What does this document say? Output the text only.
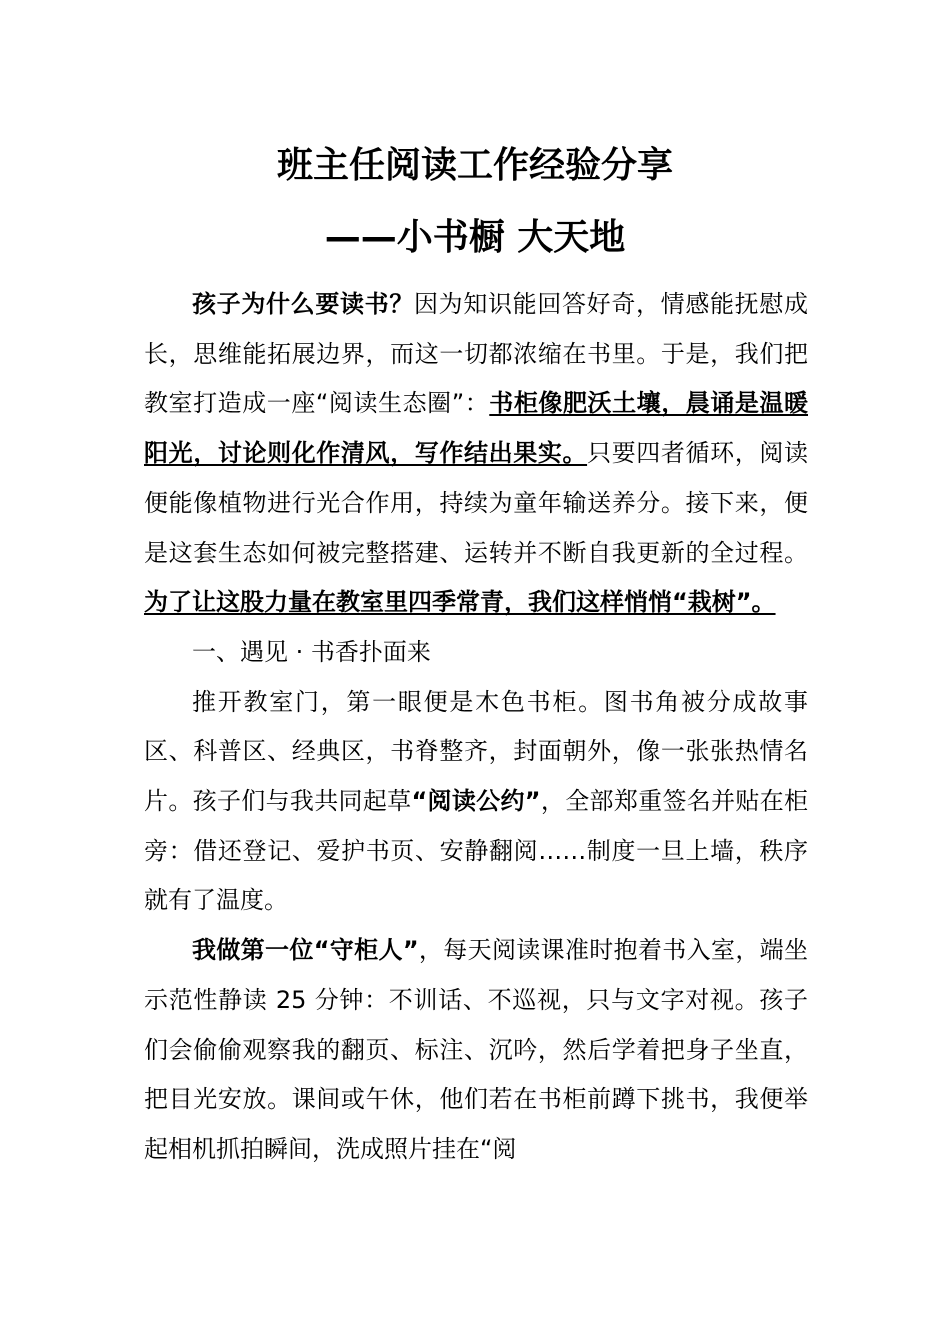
班主任阅读工作经验分享
——小书橱 大天地

孩子为什么要读书？因为知识能回答好奇，情感能抚慰成长，思维能拓展边界，而这一切都浓缩在书里。于是，我们把教室打造成一座“阅读生态圈”：书柜像肥沃土壤，晨诵是温暖阳光，讨论则化作清风，写作结出果实。只要四者循环，阅读便能像植物进行光合作用，持续为童年输送养分。接下来，便是这套生态如何被完整搭建、运转并不断自我更新的全过程。为了让这股力量在教室里四季常青，我们这样悄悄“栽树”。

一、遇见 · 书香扑面来

推开教室门，第一眼便是木色书柜。图书角被分成故事区、科普区、经典区，书脊整齐，封面朝外，像一张张热情名片。孩子们与我共同起草“阅读公约”，全部郑重签名并贴在柜旁：借还登记、爱护书页、安静翻阅……制度一旦上墙，秩序就有了温度。

我做第一位“守柜人”，每天阅读课准时抱着书入室，端坐示范性静读 25 分钟：不训话、不巡视，只与文字对视。孩子们会偷偷观察我的翻页、标注、沉吟，然后学着把身子坐直，把目光安放。课间或午休，他们若在书柜前蹲下挑书，我便举起相机抓拍瞬间，洗成照片挂在“阅
